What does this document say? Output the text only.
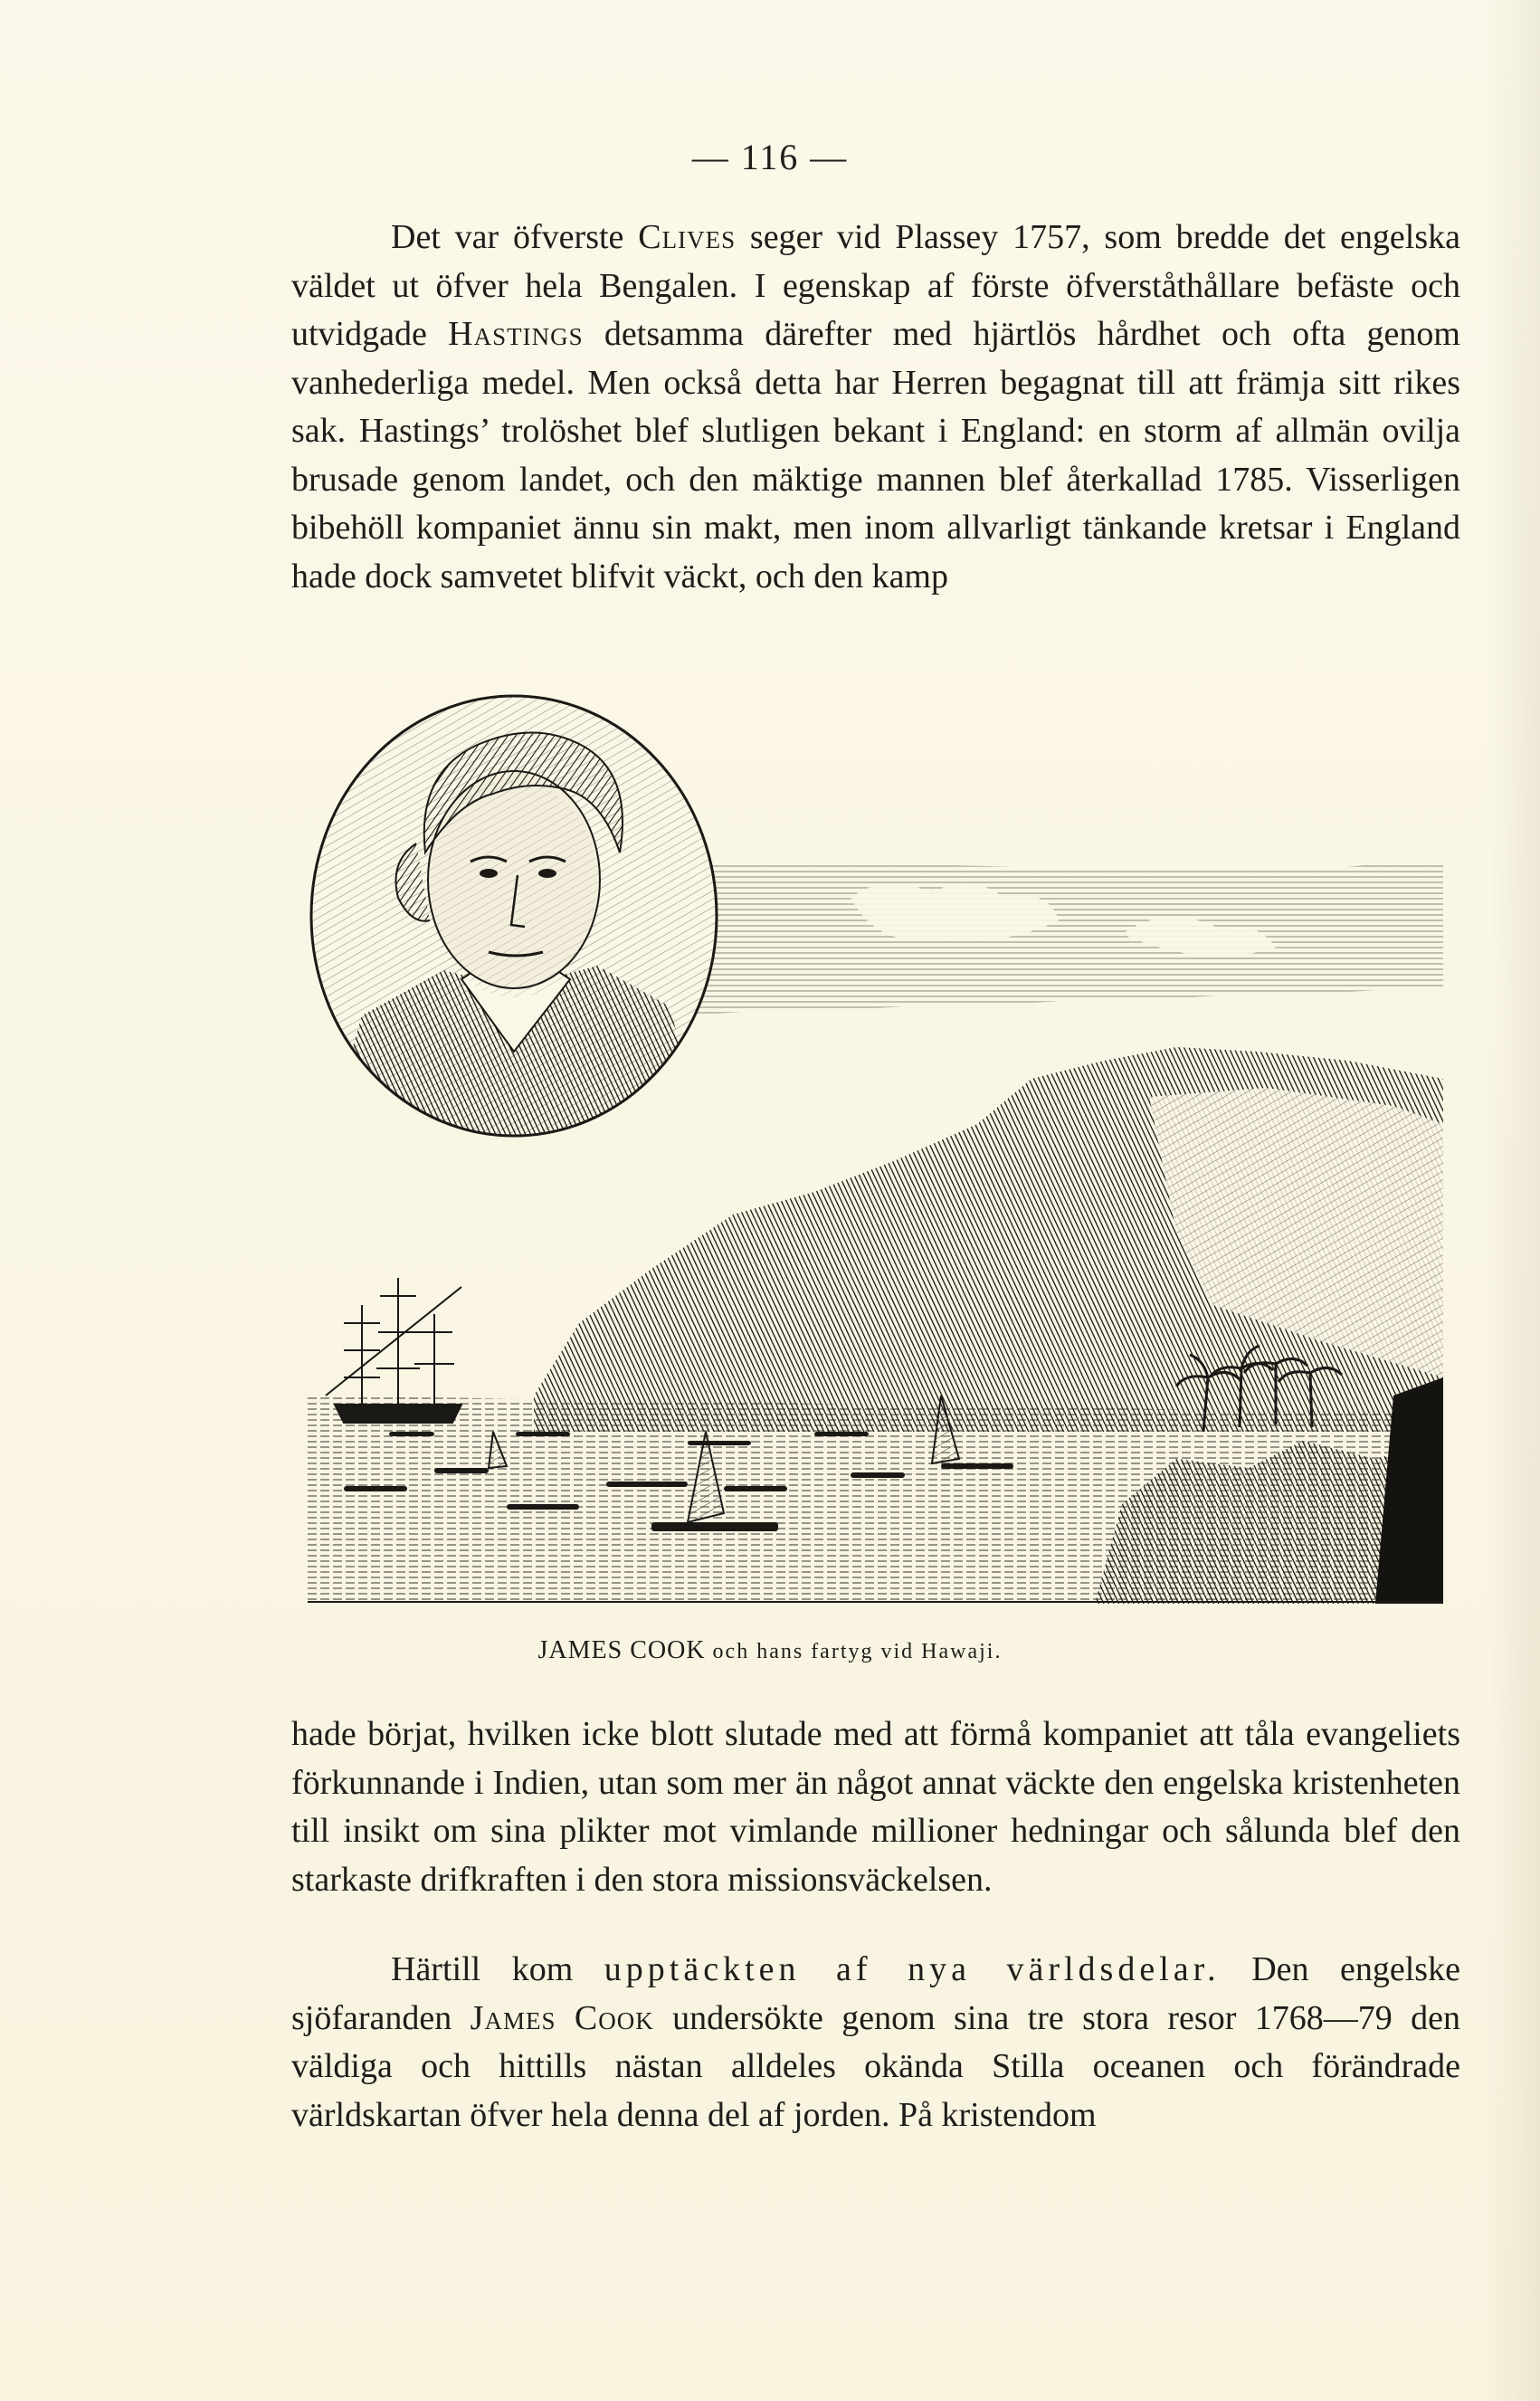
— 116 —

Det var öfverste Clives seger vid Plassey 1757, som bredde det engelska väldet ut öfver hela Bengalen. I egenskap af förste öfverståthållare befäste och utvidgade Hastings detsamma därefter med hjärtlös hårdhet och ofta genom vanhederliga medel. Men också detta har Herren begagnat till att främja sitt rikes sak. Hastings’ trolöshet blef slutligen bekant i England: en storm af allmän ovilja brusade genom landet, och den mäktige mannen blef återkallad 1785. Visserligen bibehöll kompaniet ännu sin makt, men inom allvarligt tänkande kretsar i England hade dock samvetet blifvit väckt, och den kamp

JAMES COOK och hans fartyg vid Hawaji.

hade börjat, hvilken icke blott slutade med att förmå kompaniet att tåla evangeliets förkunnande i Indien, utan som mer än något annat väckte den engelska kristenheten till insikt om sina plikter mot vimlande millioner hedningar och sålunda blef den starkaste drifkraften i den stora missionsväckelsen.

Härtill kom upptäckten af nya världsdelar. Den engelske sjöfaranden James Cook undersökte genom sina tre stora resor 1768—79 den väldiga och hittills nästan alldeles okända Stilla oceanen och förändrade världskartan öfver hela denna del af jorden. På kristendom
